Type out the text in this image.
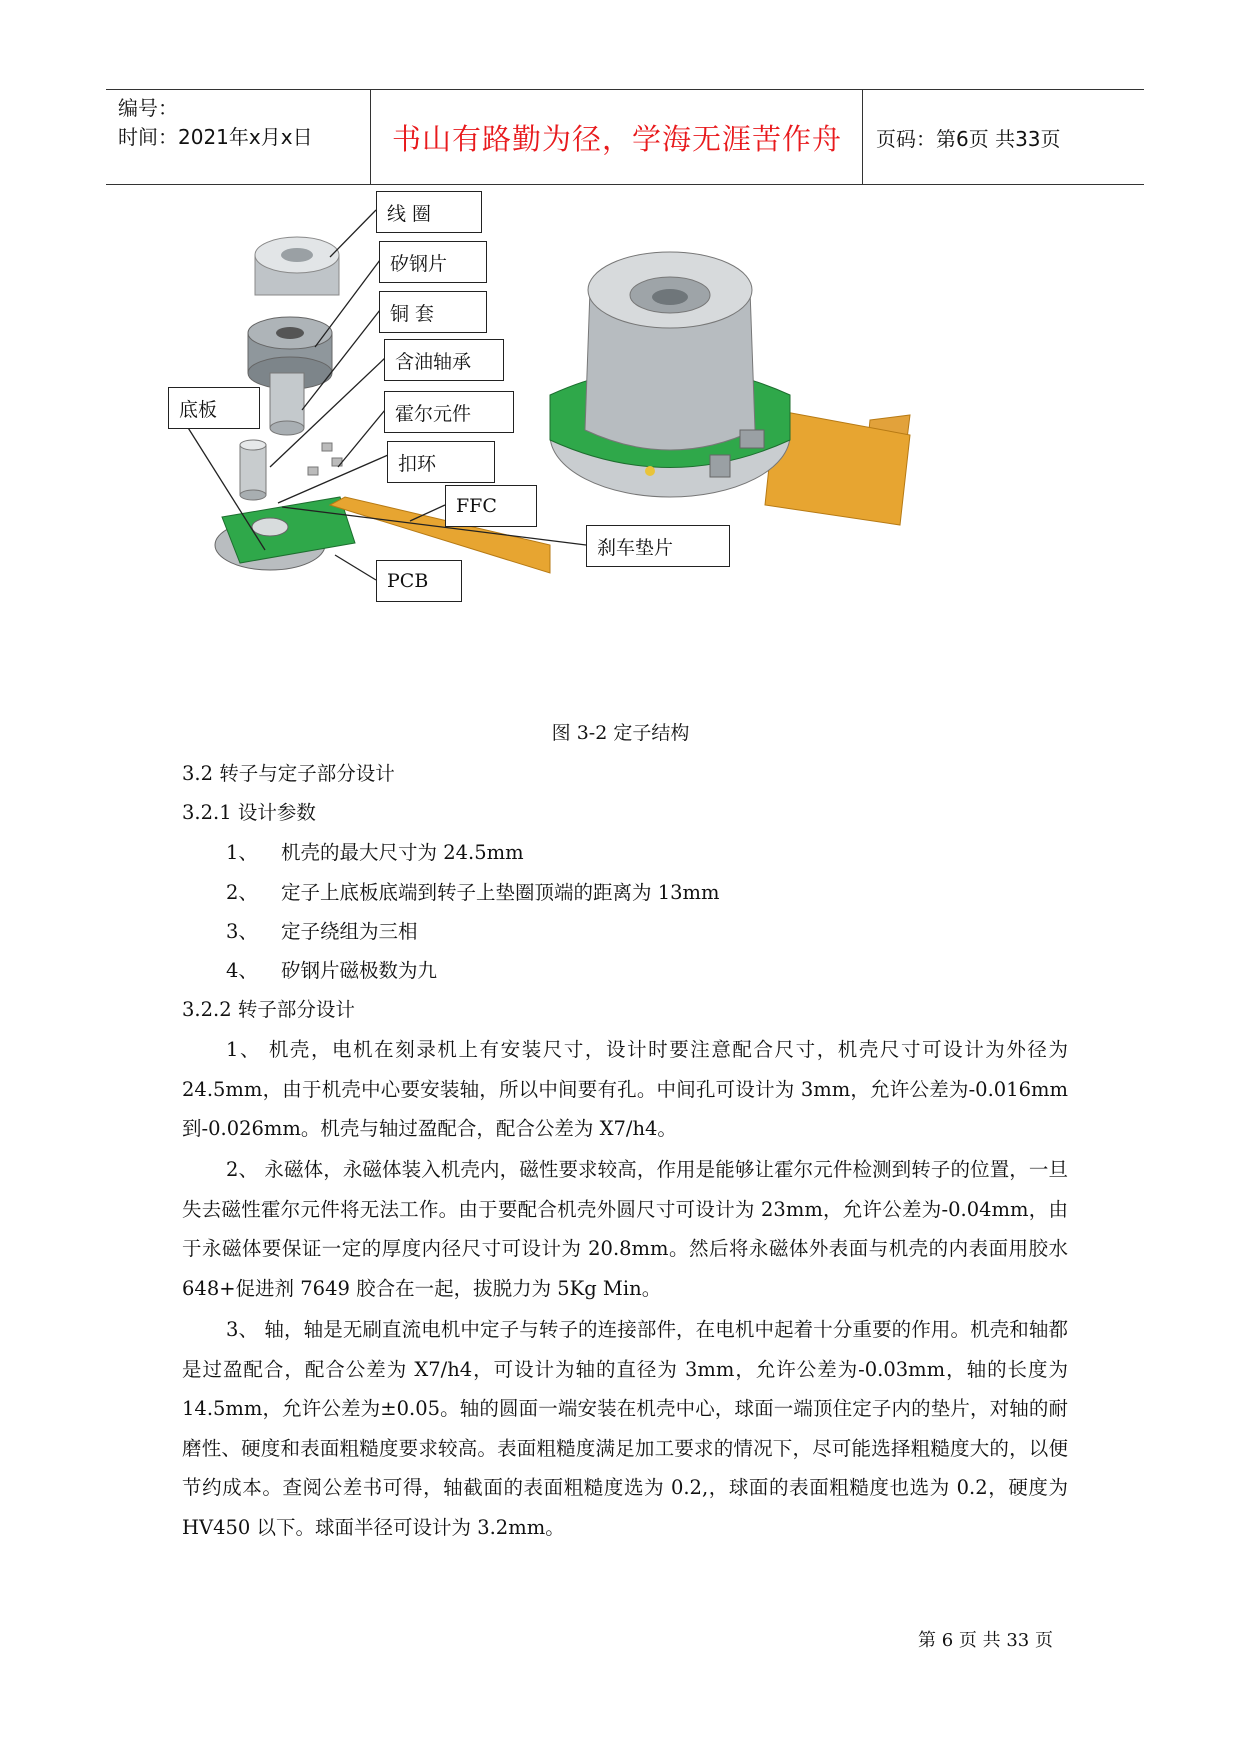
编号：
时间：2021年x月x日	书山有路勤为径，学海无涯苦作舟	页码：第6页 共33页
线 圈
矽钢片
铜 套
含油轴承
霍尔元件
扣环
底板
FFC
刹车垫片
PCB
图 3-2 定子结构
3.2 转子与定子部分设计
3.2.1 设计参数
1、 机壳的最大尺寸为 24.5mm
2、 定子上底板底端到转子上垫圈顶端的距离为 13mm
3、 定子绕组为三相
4、 矽钢片磁极数为九
3.2.2 转子部分设计
1、 机壳，电机在刻录机上有安装尺寸，设计时要注意配合尺寸，机壳尺寸可设计为外径为 24.5mm，由于机壳中心要安装轴，所以中间要有孔。中间孔可设计为 3mm，允许公差为-0.016mm 到-0.026mm。机壳与轴过盈配合，配合公差为 X7/h4。
2、 永磁体，永磁体装入机壳内，磁性要求较高，作用是能够让霍尔元件检测到转子的位置，一旦失去磁性霍尔元件将无法工作。由于要配合机壳外圆尺寸可设计为 23mm，允许公差为-0.04mm，由于永磁体要保证一定的厚度内径尺寸可设计为 20.8mm。然后将永磁体外表面与机壳的内表面用胶水 648+促进剂 7649 胶合在一起，拔脱力为 5Kg Min。
3、 轴，轴是无刷直流电机中定子与转子的连接部件，在电机中起着十分重要的作用。机壳和轴都是过盈配合，配合公差为 X7/h4，可设计为轴的直径为 3mm，允许公差为-0.03mm，轴的长度为 14.5mm，允许公差为±0.05。轴的圆面一端安装在机壳中心，球面一端顶住定子内的垫片，对轴的耐磨性、硬度和表面粗糙度要求较高。表面粗糙度满足加工要求的情况下，尽可能选择粗糙度大的，以便节约成本。查阅公差书可得，轴截面的表面粗糙度选为 0.2,，球面的表面粗糙度也选为 0.2，硬度为 HV450 以下。球面半径可设计为 3.2mm。
第 6 页 共 33 页
